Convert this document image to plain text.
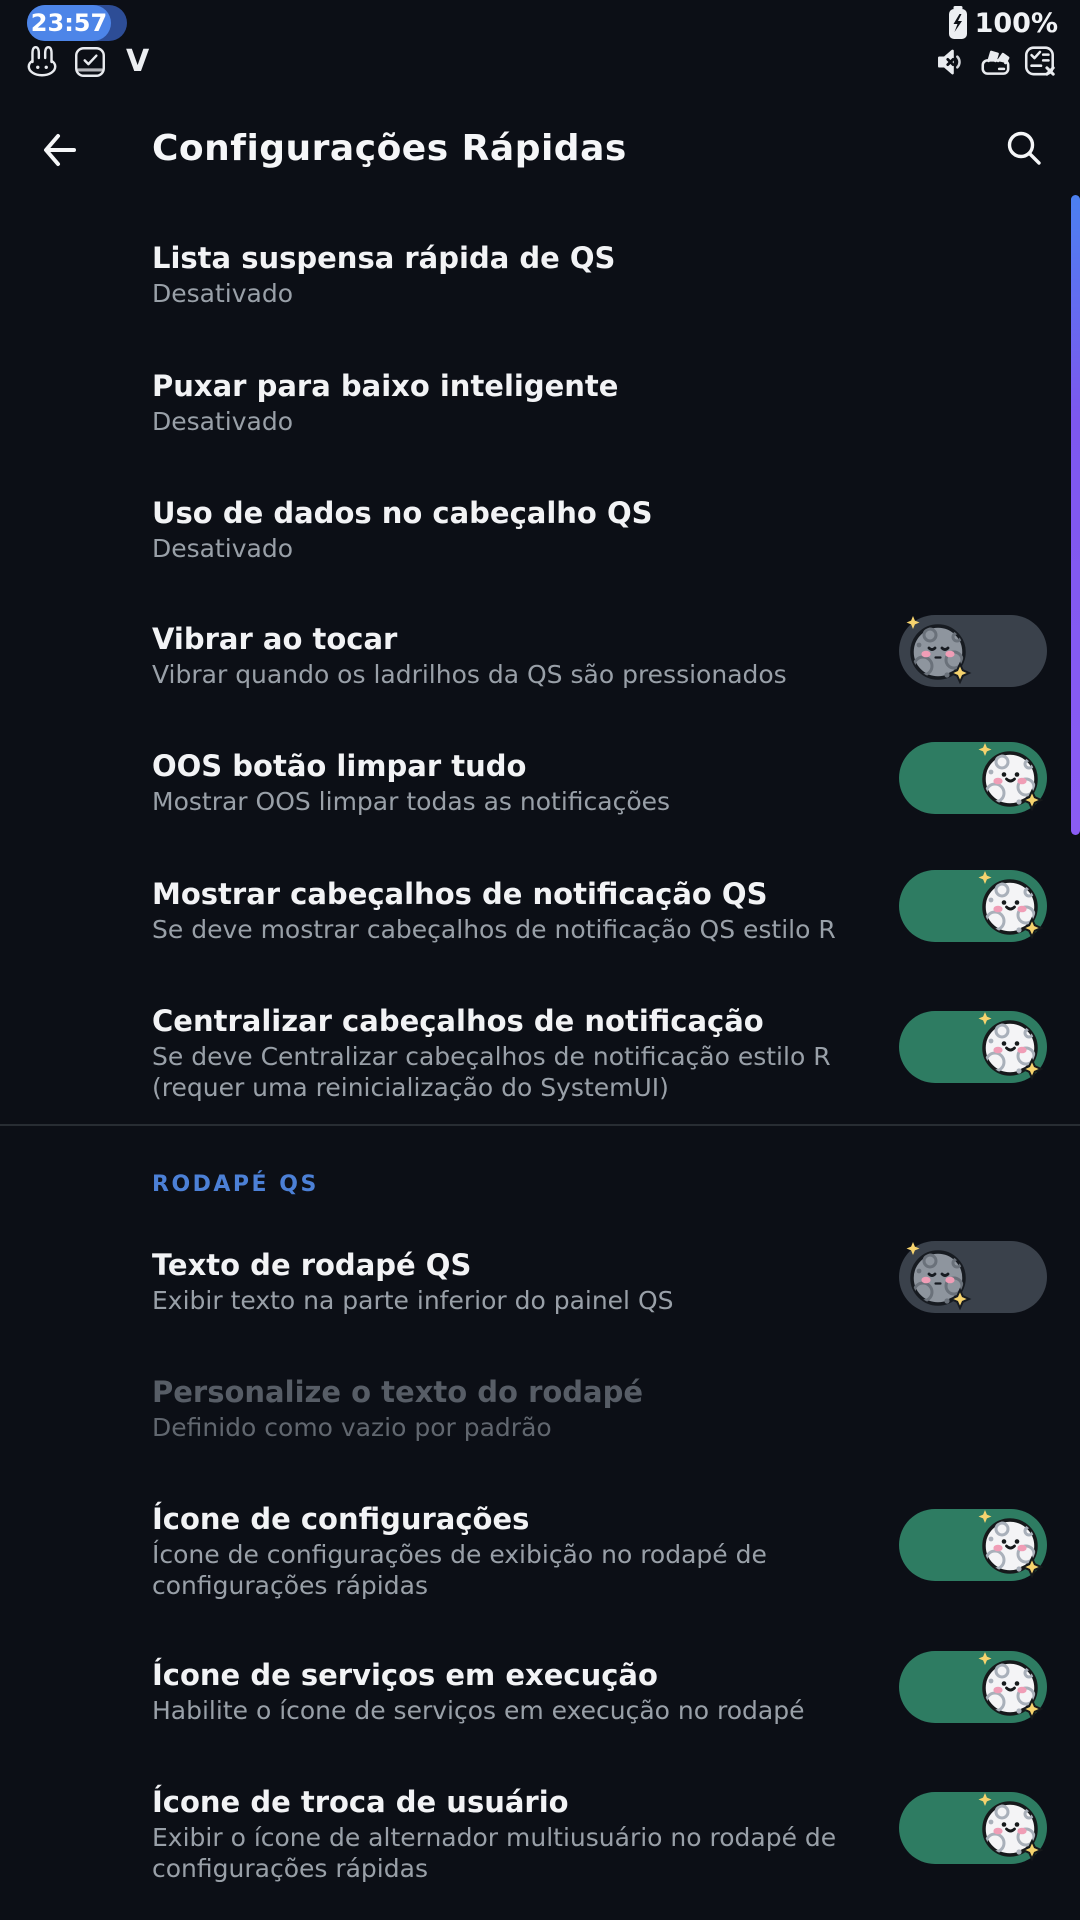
23:57
V
100%
Configurações Rápidas
Lista suspensa rápida de QS
Desativado
Puxar para baixo inteligente
Desativado
Uso de dados no cabeçalho QS
Desativado
Vibrar ao tocar
Vibrar quando os ladrilhos da QS são pressionados
OOS botão limpar tudo
Mostrar OOS limpar todas as notificações
Mostrar cabeçalhos de notificação QS
Se deve mostrar cabeçalhos de notificação QS estilo R
Centralizar cabeçalhos de notificação
Se deve Centralizar cabeçalhos de notificação estilo R (requer uma reinicialização do SystemUI)
RODAPÉ QS
Texto de rodapé QS
Exibir texto na parte inferior do painel QS
Personalize o texto do rodapé
Definido como vazio por padrão
Ícone de configurações
Ícone de configurações de exibição no rodapé de configurações rápidas
Ícone de serviços em execução
Habilite o ícone de serviços em execução no rodapé
Ícone de troca de usuário
Exibir o ícone de alternador multiusuário no rodapé de configurações rápidas
